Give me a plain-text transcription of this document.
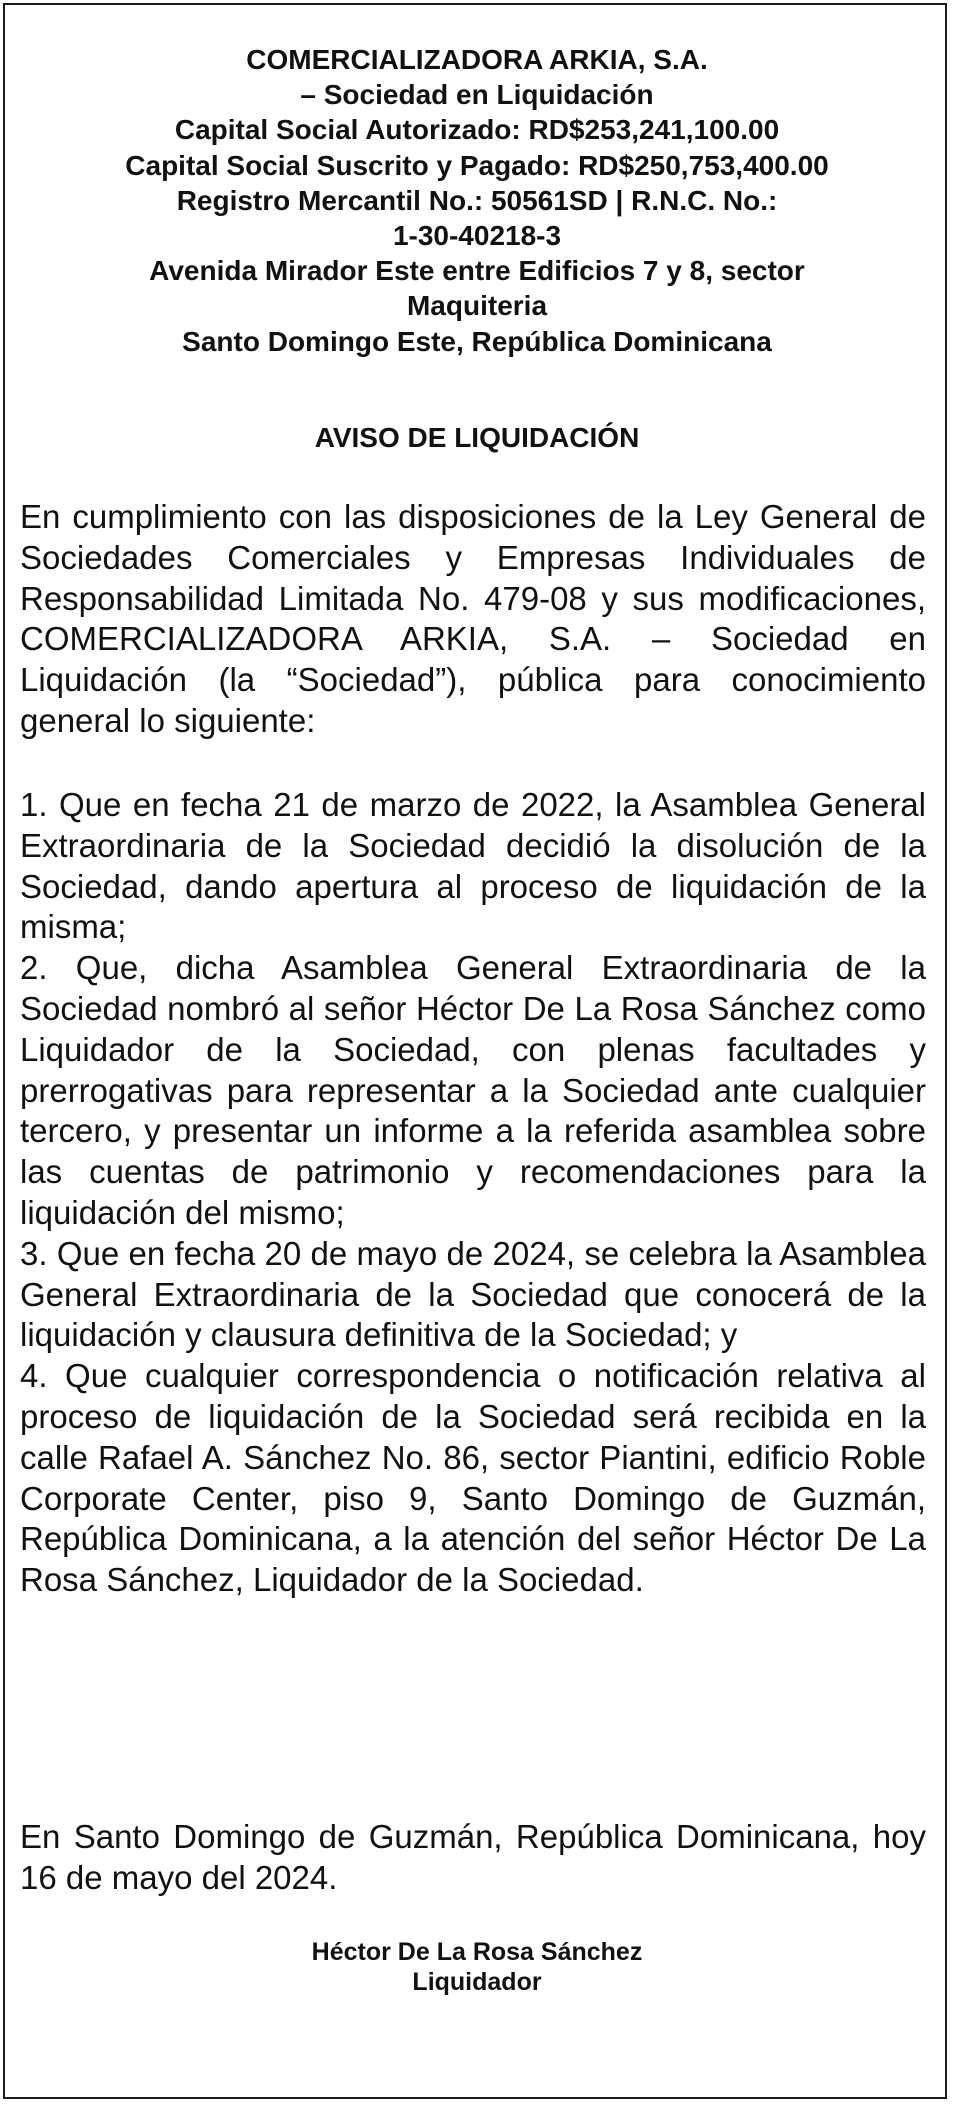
COMERCIALIZADORA ARKIA, S.A.
– Sociedad en Liquidación
Capital Social Autorizado: RD$253,241,100.00
Capital Social Suscrito y Pagado: RD$250,753,400.00
Registro Mercantil No.: 50561SD | R.N.C. No.:
1-30-40218-3
Avenida Mirador Este entre Edificios 7 y 8, sector
Maquiteria
Santo Domingo Este, República Dominicana
AVISO DE LIQUIDACIÓN

En cumplimiento con las disposiciones de la Ley General de Sociedades Comerciales y Empresas Individuales de Responsabilidad Limitada No. 479-08 y sus modificaciones, COMERCIALIZADORA ARKIA, S.A. – Sociedad en Liquidación (la “Sociedad”), pública para conocimiento general lo siguiente:

1. Que en fecha 21 de marzo de 2022, la Asamblea General Extraordinaria de la Sociedad decidió la disolución de la Sociedad, dando apertura al proceso de liquidación de la misma;

2. Que, dicha Asamblea General Extraordinaria de la Sociedad nombró al señor Héctor De La Rosa Sánchez como Liquidador de la Sociedad, con plenas facultades y prerrogativas para representar a la Sociedad ante cualquier tercero, y presentar un informe a la referida asamblea sobre las cuentas de patrimonio y recomendaciones para la liquidación del mismo;

3. Que en fecha 20 de mayo de 2024, se celebra la Asamblea General Extraordinaria de la Sociedad que conocerá de la liquidación y clausura definitiva de la Sociedad; y

4. Que cualquier correspondencia o notificación relativa al proceso de liquidación de la Sociedad será recibida en la calle Rafael A. Sánchez No. 86, sector Piantini, edificio Roble Corporate Center, piso 9, Santo Domingo de Guzmán, República Dominicana, a la atención del señor Héctor De La Rosa Sánchez, Liquidador de la Sociedad.

En Santo Domingo de Guzmán, República Dominicana, hoy 16 de mayo del 2024.

Héctor De La Rosa Sánchez
Liquidador
